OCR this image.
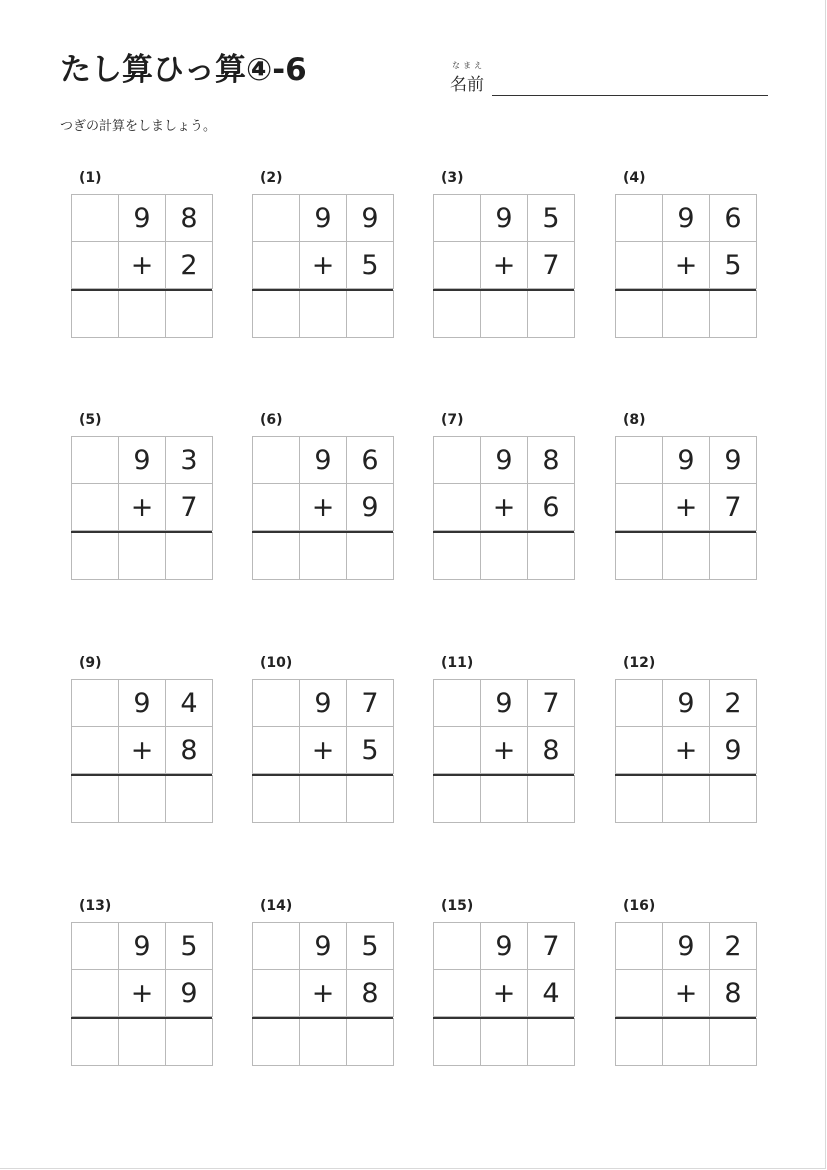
たし算ひっ算④-6	なまえ
名前
つぎの計算をしましょう。
(1)
9	8
+	2
(2)
9	9
+	5
(3)
9	5
+	7
(4)
9	6
+	5
(5)
9	3
+	7
(6)
9	6
+	9
(7)
9	8
+	6
(8)
9	9
+	7
(9)
9	4
+	8
(10)
9	7
+	5
(11)
9	7
+	8
(12)
9	2
+	9
(13)
9	5
+	9
(14)
9	5
+	8
(15)
9	7
+	4
(16)
9	2
+	8
